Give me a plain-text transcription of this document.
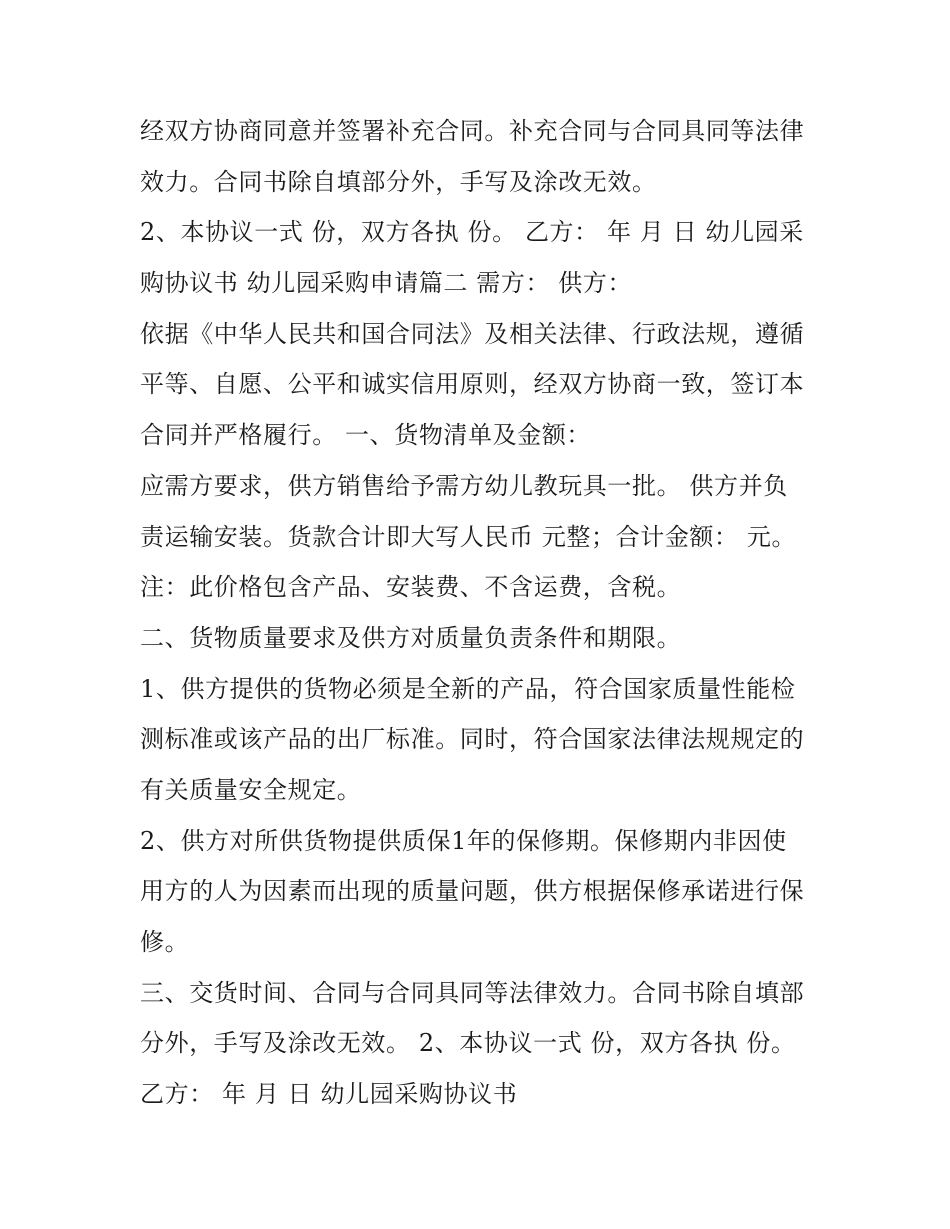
经双方协商同意并签署补充合同。补充合同与合同具同等法律
效力。合同书除自填部分外，手写及涂改无效。
2、本协议一式 份，双方各执 份。 乙方： 年 月 日 幼儿园采
购协议书 幼儿园采购申请篇二 需方： 供方：
依据《中华人民共和国合同法》及相关法律、行政法规，遵循
平等、自愿、公平和诚实信用原则，经双方协商一致，签订本
合同并严格履行。 一、货物清单及金额：
应需方要求，供方销售给予需方幼儿教玩具一批。 供方并负
责运输安装。货款合计即大写人民币 元整；合计金额： 元。
注：此价格包含产品、安装费、不含运费，含税。
二、货物质量要求及供方对质量负责条件和期限。
1、供方提供的货物必须是全新的产品，符合国家质量性能检
测标准或该产品的出厂标准。同时，符合国家法律法规规定的
有关质量安全规定。
2、供方对所供货物提供质保1年的保修期。保修期内非因使
用方的人为因素而出现的质量问题，供方根据保修承诺进行保
修。
三、交货时间、合同与合同具同等法律效力。合同书除自填部
分外，手写及涂改无效。 2、本协议一式 份，双方各执 份。
乙方： 年 月 日 幼儿园采购协议书
